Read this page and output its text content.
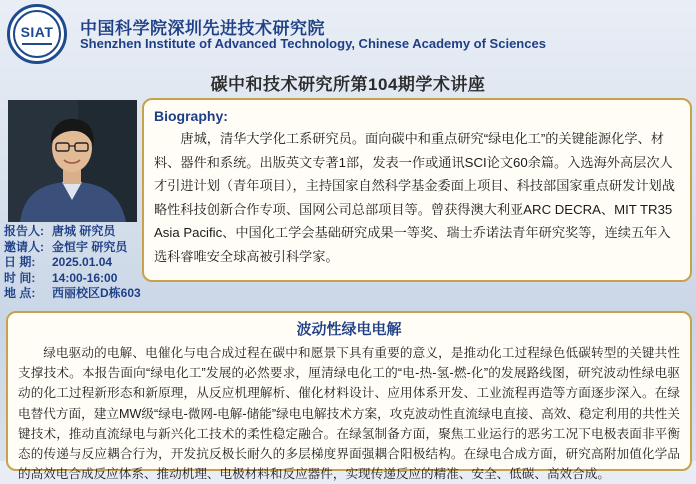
SIAT	中国科学院深圳先进技术研究院
Shenzhen Institute of Advanced Technology, Chinese Academy of Sciences
碳中和技术研究所第104期学术讲座
报告人: 唐城 研究员
邀请人: 金恒宇 研究员
日 期: 2025.01.04
时 间: 14:00-16:00
地 点: 西丽校区D栋603
Biography:
唐城，清华大学化工系研究员。面向碳中和重点研究“绿电化工”的关键能源化学、材料、器件和系统。出版英文专著1部，发表一作或通讯SCI论文60余篇。入选海外高层次人才引进计划（青年项目），主持国家自然科学基金委面上项目、科技部国家重点研发计划战略性科技创新合作专项、国网公司总部项目等。曾获得澳大利亚ARC DECRA、MIT TR35 Asia Pacific、中国化工学会基础研究成果一等奖、瑞士乔诺法青年研究奖等，连续五年入选科睿唯安全球高被引科学家。
波动性绿电电解
绿电驱动的电解、电催化与电合成过程在碳中和愿景下具有重要的意义，是推动化工过程绿色低碳转型的关键共性支撑技术。本报告面向“绿电化工”发展的必然要求，厘清绿电化工的“电-热-氢-燃-化”的发展路线图，研究波动性绿电驱动的化工过程新形态和新原理，从反应机理解析、催化材料设计、应用体系开发、工业流程再造等方面逐步深入。在绿电替代方面，建立MW级“绿电-微网-电解-储能”绿电电解技术方案，攻克波动性直流绿电直接、高效、稳定利用的共性关键技术，推动直流绿电与新兴化工技术的柔性稳定融合。在绿氢制备方面，聚焦工业运行的恶劣工况下电极表面非平衡态的传递与反应耦合行为，开发抗反极长耐久的多层梯度界面强耦合阳极结构。在绿电合成方面，研究高附加值化学品的高效电合成反应体系、推动机理、电极材料和反应器件，实现传递反应的精准、安全、低碳、高效合成。
